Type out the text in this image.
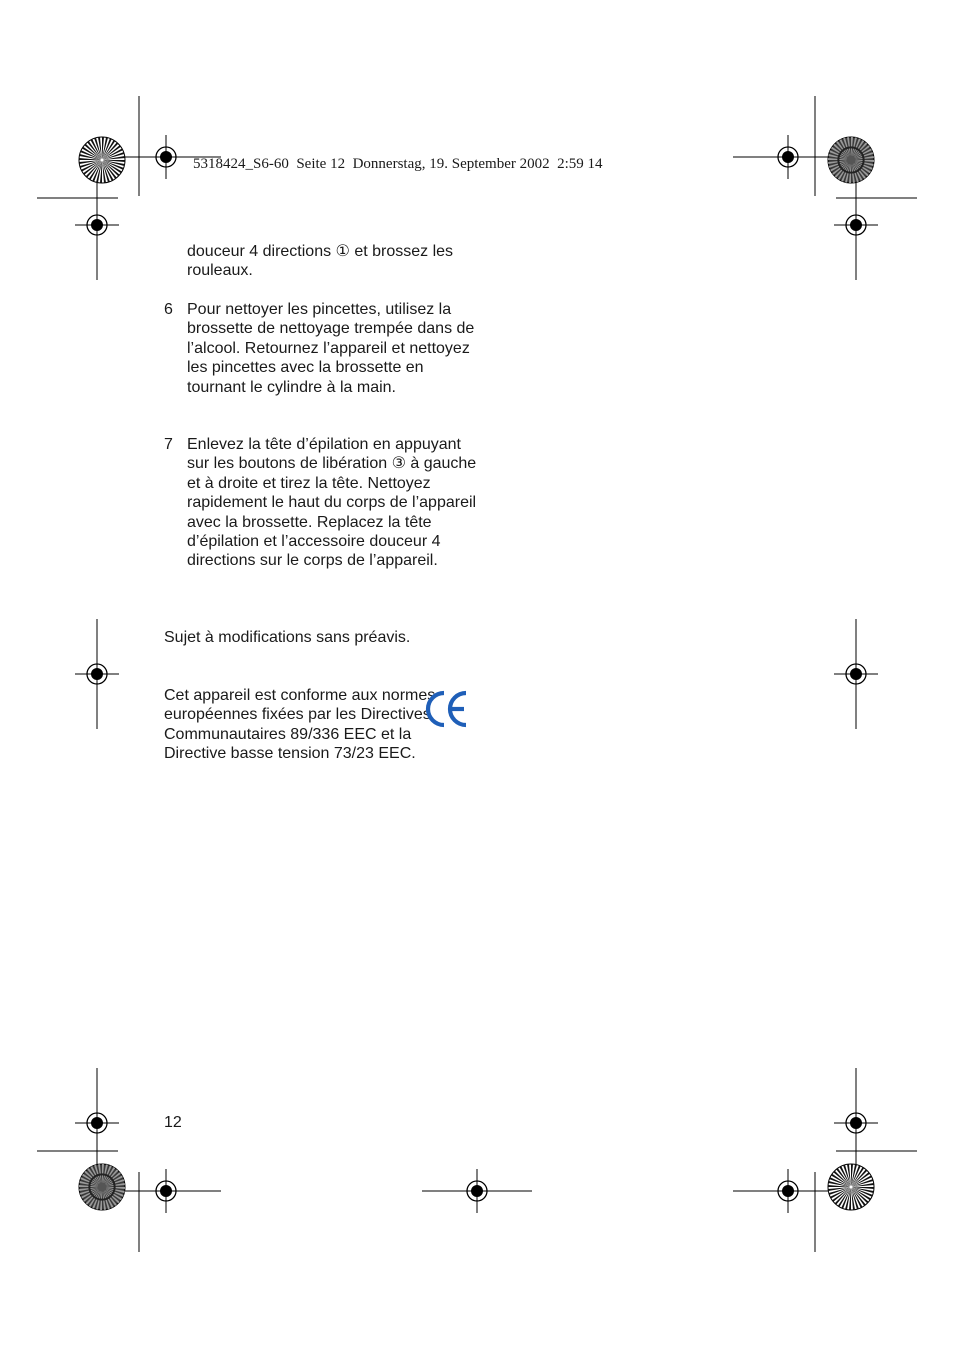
5318424_S6-60  Seite 12  Donnerstag, 19. September 2002  2:59 14

douceur 4 directions ① et brossez les rouleaux.

6 Pour nettoyer les pincettes, utilisez la brossette de nettoyage trempée dans de l’alcool. Retournez l’appareil et nettoyez les pincettes avec la brossette en tournant le cylindre à la main.

7 Enlevez la tête d’épilation en appuyant sur les boutons de libération ③ à gauche et à droite et tirez la tête. Nettoyez rapidement le haut du corps de l’appareil avec la brossette. Replacez la tête d’épilation et l’accessoire douceur 4 directions sur le corps de l’appareil.

Sujet à modifications sans préavis.

Cet appareil est conforme aux normes européennes fixées par les Directives Communautaires 89/336 EEC et la Directive basse tension 73/23 EEC.

12
